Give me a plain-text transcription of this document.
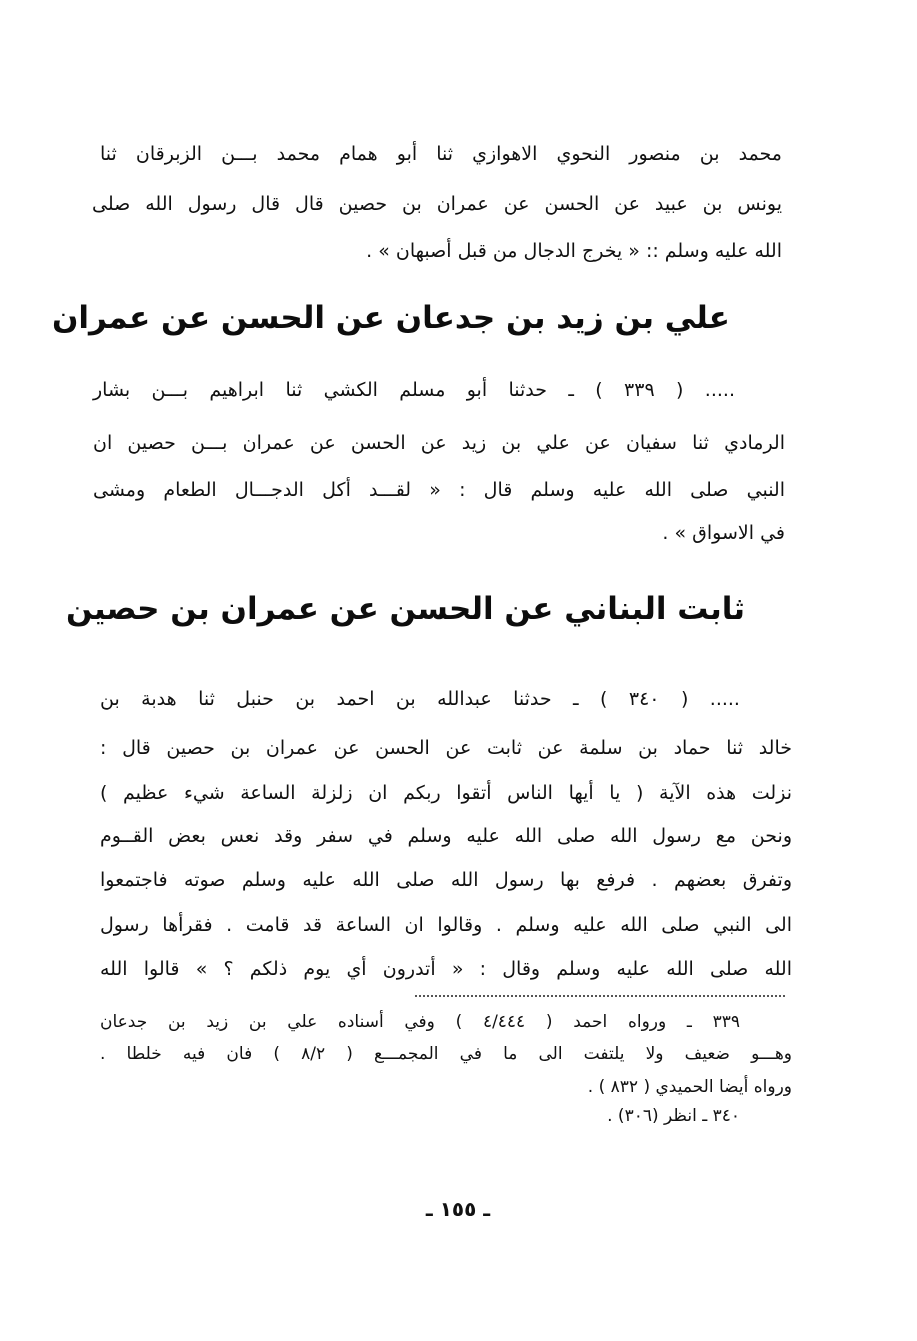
محمد بن منصور النحوي الاهوازي ثنا أبو همام محمد بـــن الزبرقان ثنا
يونس بن عبيد عن الحسن عن عمران بن حصين قال قال رسول الله صلى
الله عليه وسلم :: « يخرج الدجال من قبل أصبهان » .
علي بن زيد بن جدعان عن الحسن عن عمران
..... ( ٣٣٩ ) ـ حدثنا أبو مسلم الكشي ثنا ابراهيم بـــن بشار
الرمادي ثنا سفيان عن علي بن زيد عن الحسن عن عمران بـــن حصين ان
النبي صلى الله عليه وسلم قال : « لقـــد أكل الدجـــال الطعام ومشى
في الاسواق » .
ثابت البناني عن الحسن عن عمران بن حصين
..... ( ٣٤٠ ) ـ حدثنا عبدالله بن احمد بن حنبل ثنا هدبة بن
خالد ثنا حماد بن سلمة عن ثابت عن الحسن عن عمران بن حصين قال :
نزلت هذه الآية ( يا أيها الناس أتقوا ربكم ان زلزلة الساعة شيء عظيم )
ونحن مع رسول الله صلى الله عليه وسلم في سفر وقد نعس بعض القــوم
وتفرق بعضهم . فرفع بها رسول الله صلى الله عليه وسلم صوته فاجتمعوا
الى النبي صلى الله عليه وسلم . وقالوا ان الساعة قد قامت . فقرأها رسول
الله صلى الله عليه وسلم وقال : « أتدرون أي يوم ذلكم ؟ » قالوا الله
٣٣٩ ـ ورواه احمد ( ٤/٤٤٤ ) وفي أسناده علي بن زيد بن جدعان
وهـــو ضعيف ولا يلتفت الى ما في المجمـــع ( ٨/٢ ) فان فيه خلطا .
ورواه أيضا الحميدي ( ٨٣٢ ) .
٣٤٠ ـ انظر (٣٠٦) .
ـ ١٥٥ ـ
